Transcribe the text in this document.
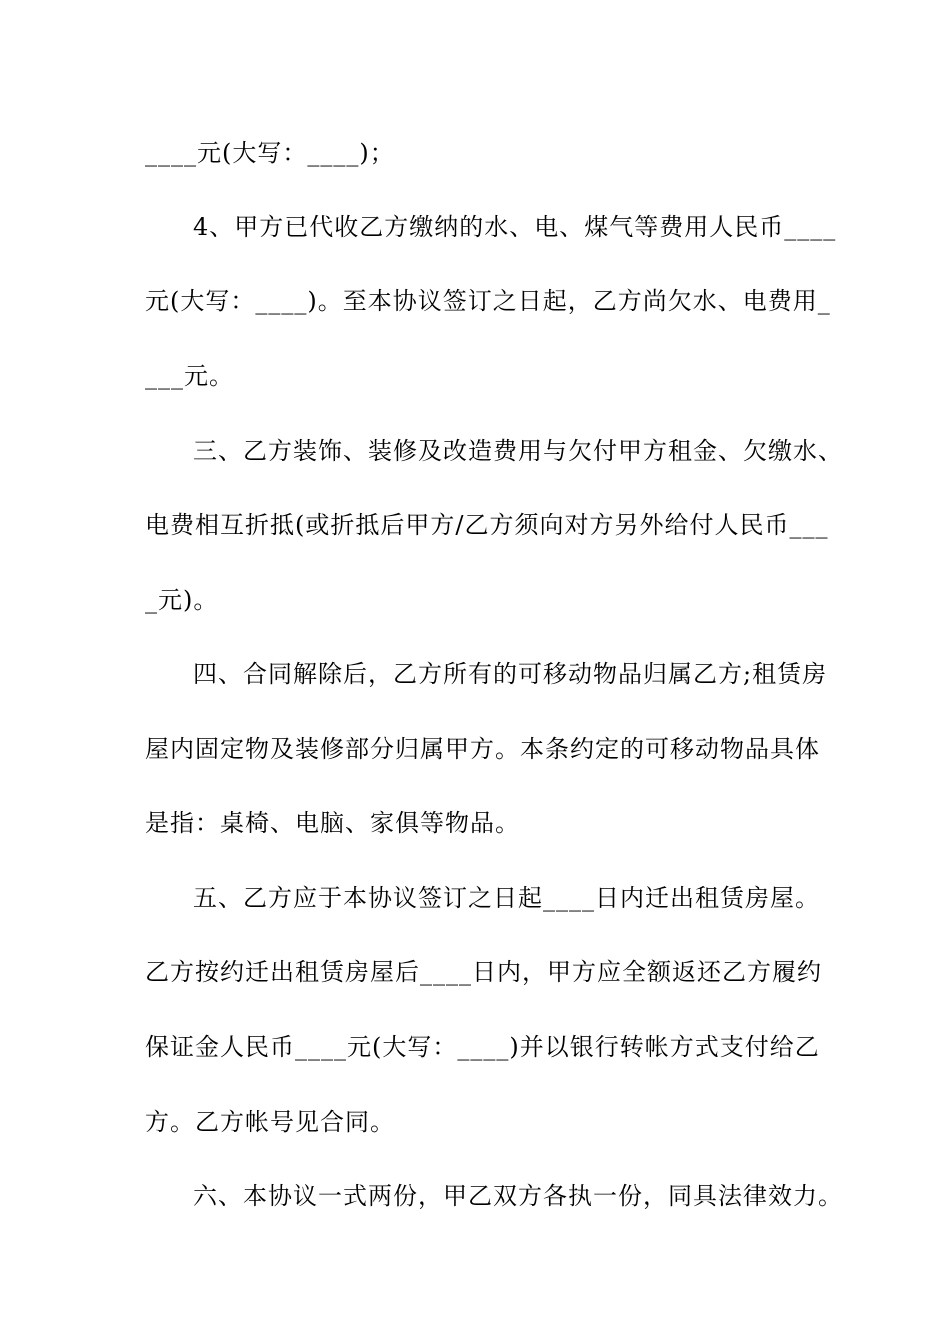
____元(大写：____)；
4、甲方已代收乙方缴纳的水、电、煤气等费用人民币____
元(大写：____)。至本协议签订之日起，乙方尚欠水、电费用_
___元。
三、乙方装饰、装修及改造费用与欠付甲方租金、欠缴水、
电费相互折抵(或折抵后甲方/乙方须向对方另外给付人民币___
_元)。
四、合同解除后，乙方所有的可移动物品归属乙方;租赁房
屋内固定物及装修部分归属甲方。本条约定的可移动物品具体
是指：桌椅、电脑、家俱等物品。
五、乙方应于本协议签订之日起____日内迁出租赁房屋。
乙方按约迁出租赁房屋后____日内，甲方应全额返还乙方履约
保证金人民币____元(大写：____)并以银行转帐方式支付给乙
方。乙方帐号见合同。
六、本协议一式两份，甲乙双方各执一份，同具法律效力。
